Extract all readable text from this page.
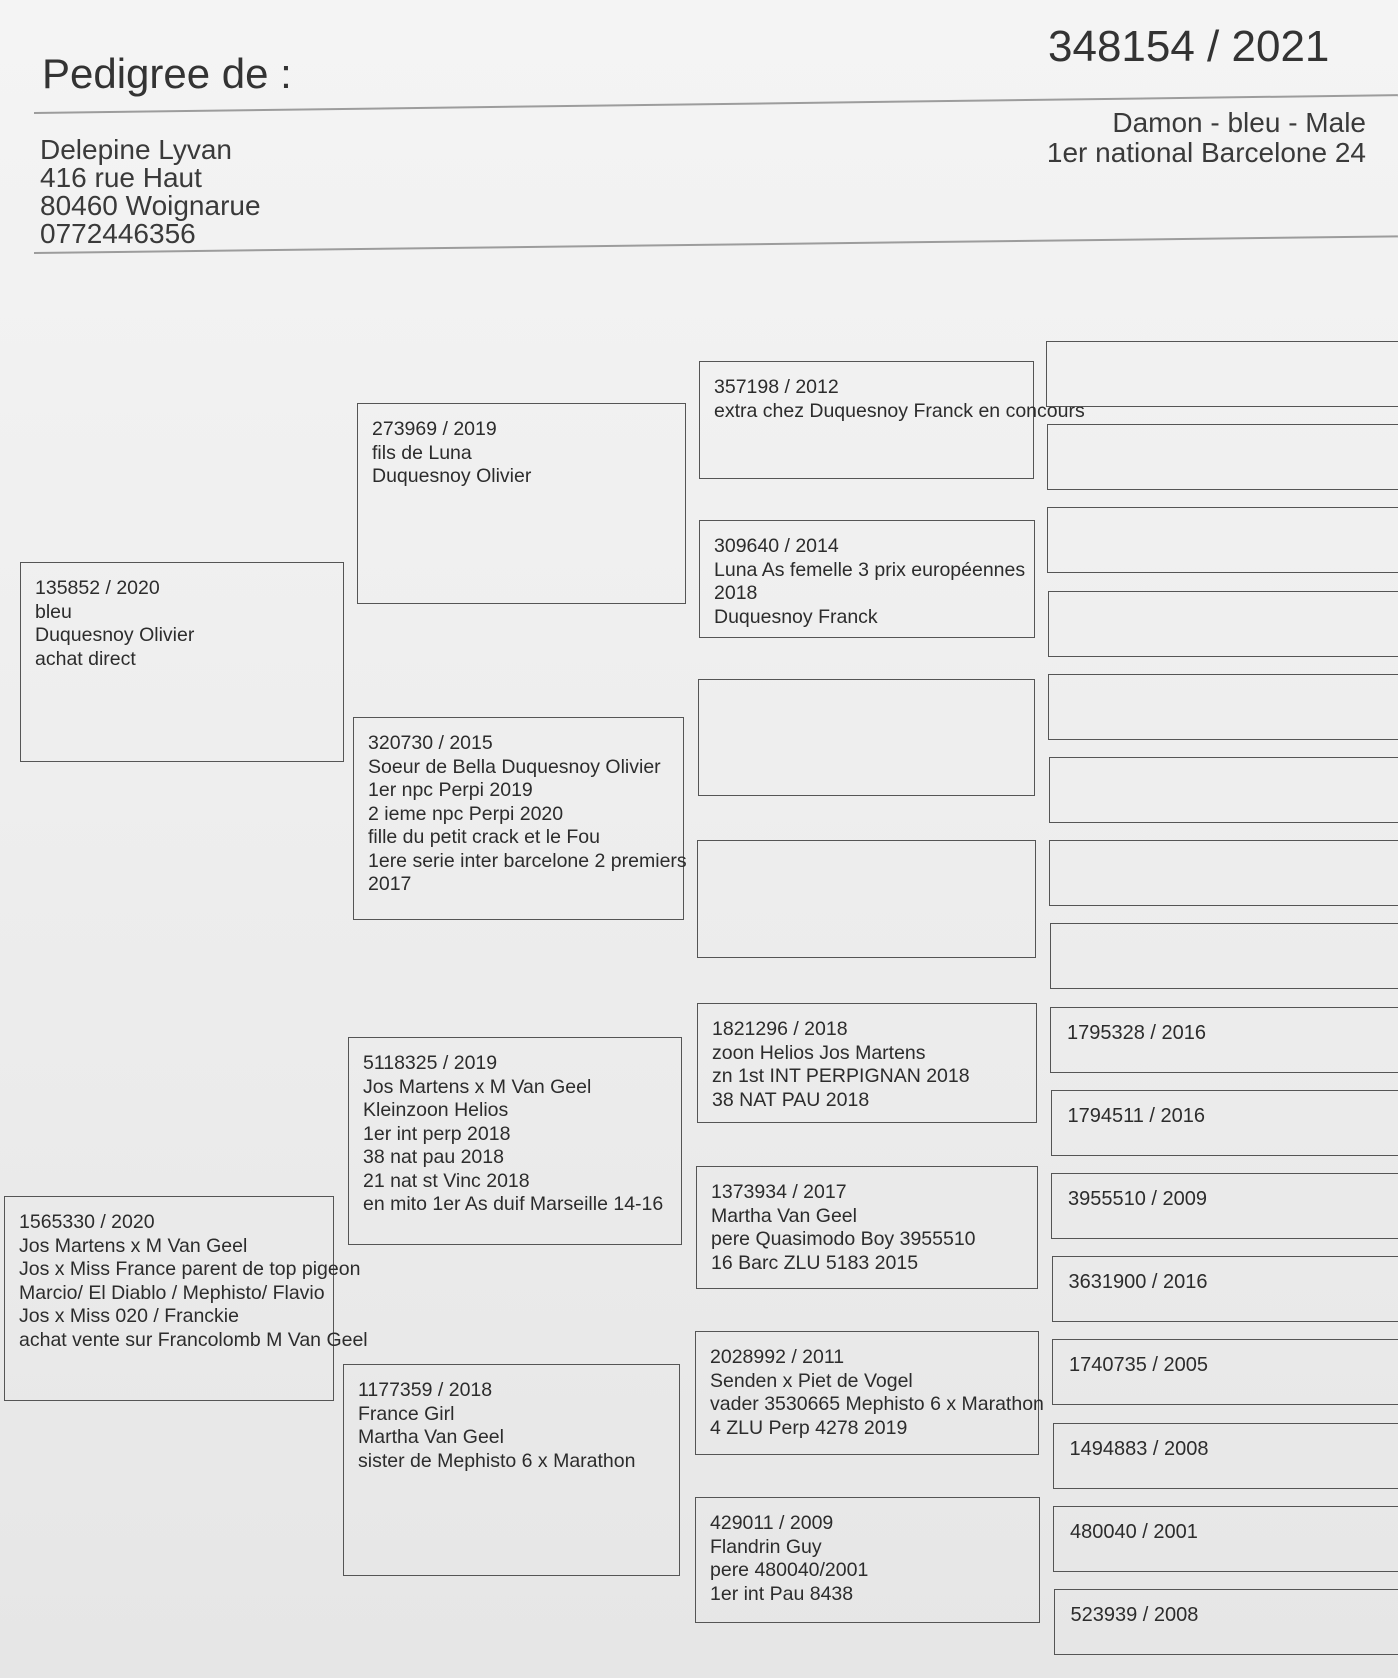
Pedigree de :
348154 / 2021
Delepine Lyvan
416 rue Haut
80460 Woignarue
0772446356
Damon - bleu - Male
1er national Barcelone 24
135852 / 2020
bleu
Duquesnoy Olivier
achat direct
1565330 / 2020
Jos Martens x M Van Geel
Jos x Miss France parent de top pigeon
Marcio/ El Diablo / Mephisto/ Flavio
Jos x Miss 020 / Franckie
achat vente sur Francolomb M Van Geel
273969 / 2019
fils de Luna
Duquesnoy Olivier
320730 / 2015
Soeur de Bella Duquesnoy Olivier
1er npc Perpi 2019
2 ieme npc Perpi 2020
fille du petit crack et le Fou
1ere serie inter barcelone 2 premiers
2017
5118325 / 2019
Jos Martens x M Van Geel
Kleinzoon Helios
1er int perp 2018
38 nat pau 2018
21 nat st Vinc 2018
en mito 1er As duif Marseille 14-16
1177359 / 2018
France Girl
Martha Van Geel
sister de Mephisto 6 x Marathon
357198 / 2012
extra chez Duquesnoy Franck en concours
309640 / 2014
Luna As femelle 3 prix européennes
2018
Duquesnoy Franck
1821296 / 2018
zoon Helios Jos Martens
zn 1st INT PERPIGNAN 2018
38 NAT PAU 2018
1373934 / 2017
Martha Van Geel
pere Quasimodo Boy 3955510
16 Barc ZLU 5183 2015
2028992 / 2011
Senden x Piet de Vogel
vader 3530665 Mephisto 6 x Marathon
4 ZLU Perp 4278 2019
429011 / 2009
Flandrin Guy
pere 480040/2001
1er int Pau 8438
1795328 / 2016
1794511 / 2016
3955510 / 2009
3631900 / 2016
1740735 / 2005
1494883 / 2008
480040 / 2001
523939 / 2008
